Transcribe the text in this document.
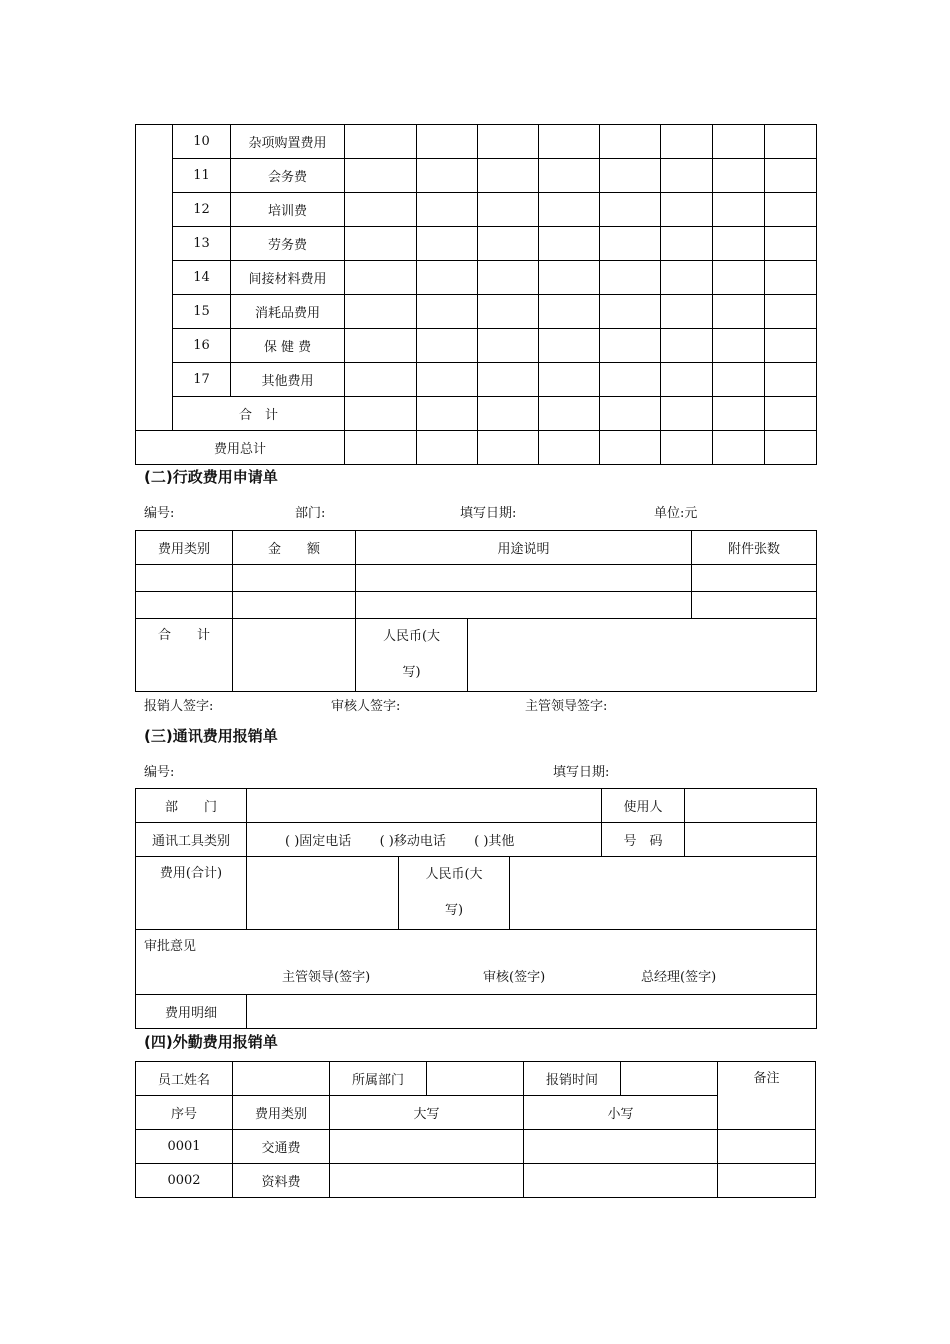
	10	杂项购置费用								
	11	会务费								
	12	培训费								
	13	劳务费								
	14	间接材料费用								
	15	消耗品费用								
	16	保 健 费								
	17	其他费用								
	合　计									
费用总计										
(二)行政费用申请单
编号:	部门:	填写日期:	单位:元
费用类别	金　　额	用途说明		附件张数

合　　计		人民币(大
写)		
报销人签字:	审核人签字:	主管领导签字:
(三)通讯费用报销单
编号:	填写日期:
部　　门				使用人	
通讯工具类别	( )固定电话 ( )移动电话 ( )其他			号　码	
费用(合计)		人民币(大
写)			

审批意见
主管领导(签字) 审核(签字) 总经理(签字)					

费用明细					
(四)外勤费用报销单
员工姓名		所属部门		报销时间		备注
序号	费用类别	大写		小写		
0001	交通费					
0002	资料费					
